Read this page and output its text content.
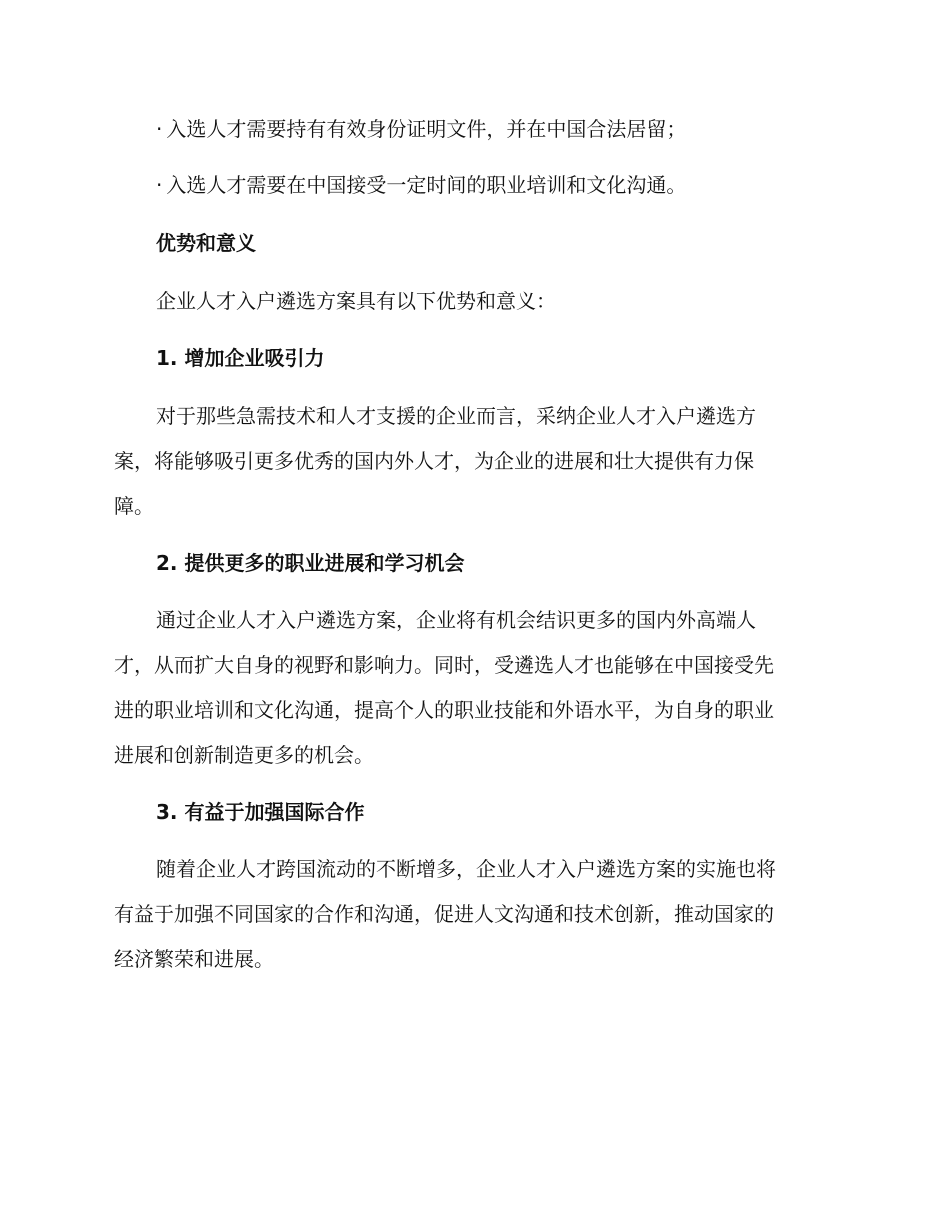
· 入选人才需要持有有效身份证明文件，并在中国合法居留；
· 入选人才需要在中国接受一定时间的职业培训和文化沟通。
优势和意义
企业人才入户遴选方案具有以下优势和意义：
1. 增加企业吸引力
对于那些急需技术和人才支援的企业而言，采纳企业人才入户遴选方
案，将能够吸引更多优秀的国内外人才，为企业的进展和壮大提供有力保
障。
2. 提供更多的职业进展和学习机会
通过企业人才入户遴选方案，企业将有机会结识更多的国内外高端人
才，从而扩大自身的视野和影响力。同时，受遴选人才也能够在中国接受先
进的职业培训和文化沟通，提高个人的职业技能和外语水平，为自身的职业
进展和创新制造更多的机会。
3. 有益于加强国际合作
随着企业人才跨国流动的不断增多，企业人才入户遴选方案的实施也将
有益于加强不同国家的合作和沟通，促进人文沟通和技术创新，推动国家的
经济繁荣和进展。
